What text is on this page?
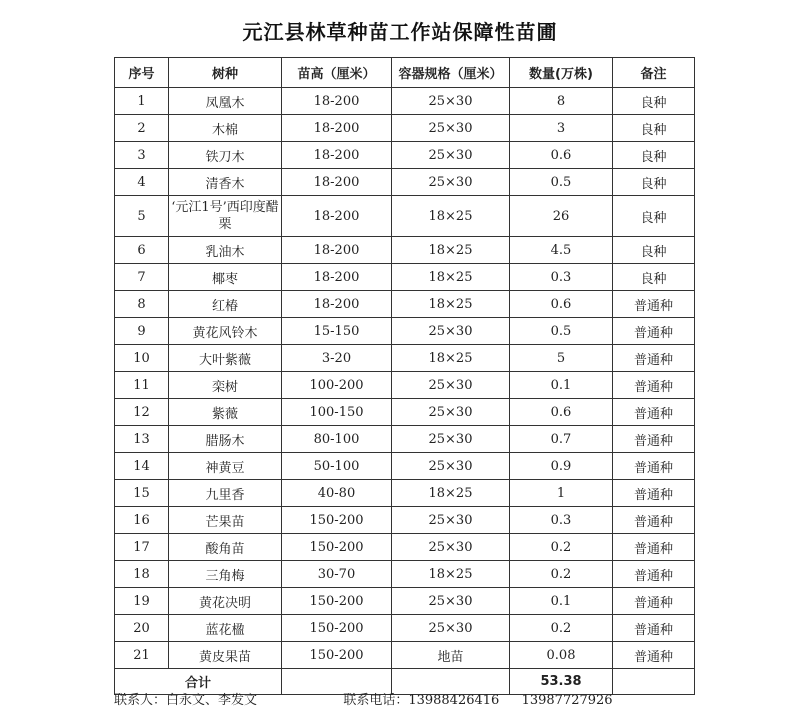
元江县林草种苗工作站保障性苗圃
序号	树种	苗高（厘米）	容器规格（厘米）	数量(万株)	备注
1	凤凰木	18-200	25×30	8	良种
2	木棉	18-200	25×30	3	良种
3	铁刀木	18-200	25×30	0.6	良种
4	清香木	18-200	25×30	0.5	良种
5	‘元江1号’西印度醋栗	18-200	18×25	26	良种
6	乳油木	18-200	18×25	4.5	良种
7	椰枣	18-200	18×25	0.3	良种
8	红椿	18-200	18×25	0.6	普通种
9	黄花风铃木	15-150	25×30	0.5	普通种
10	大叶紫薇	3-20	18×25	5	普通种
11	栾树	100-200	25×30	0.1	普通种
12	紫薇	100-150	25×30	0.6	普通种
13	腊肠木	80-100	25×30	0.7	普通种
14	神黄豆	50-100	25×30	0.9	普通种
15	九里香	40-80	18×25	1	普通种
16	芒果苗	150-200	25×30	0.3	普通种
17	酸角苗	150-200	25×30	0.2	普通种
18	三角梅	30-70	18×25	0.2	普通种
19	黄花决明	150-200	25×30	0.1	普通种
20	蓝花楹	150-200	25×30	0.2	普通种
21	黄皮果苗	150-200	地苗	0.08	普通种
合计				53.38	
联系人：白永文、李发文	联系电话：13988426416 13987727926
